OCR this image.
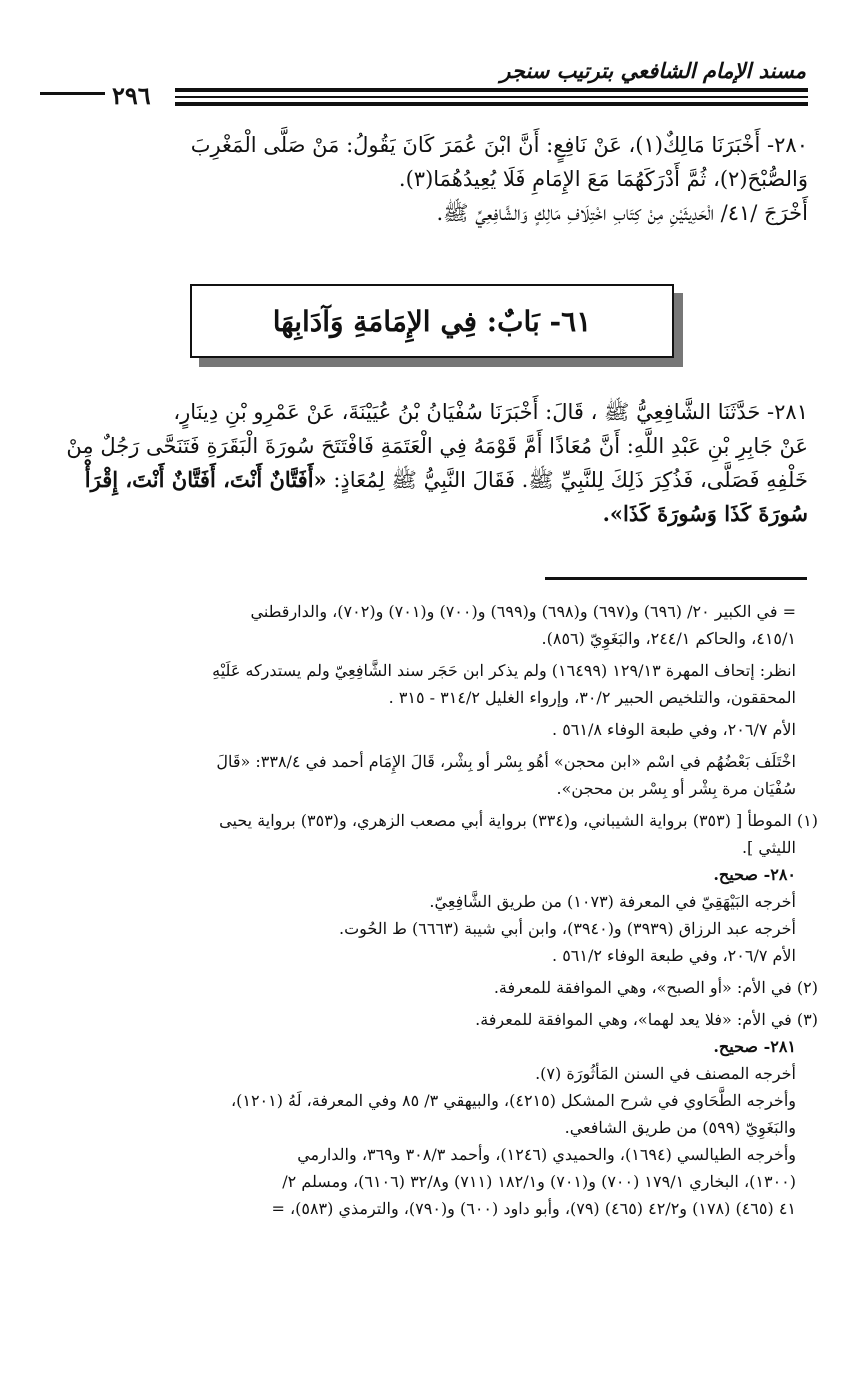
مسند الإمام الشافعي بترتيب سنجر
٢٩٦

٢٨٠- أَخْبَرَنَا مَالِكٌ(١)، عَنْ نَافِعٍ: أَنَّ ابْنَ عُمَرَ كَانَ يَقُولُ: مَنْ صَلَّى الْمَغْرِبَ

وَالصُّبْحَ(٢)، ثُمَّ أَدْرَكَهُمَا مَعَ الإِمَامِ فَلَا يُعِيدُهُمَا(٣).

أَخْرَجَ /٤١/ الْحَدِيثَيْنِ مِنْ كِتَابِ اخْتِلَافِ مَالِكٍ وَالشَّافِعِيِّ ﷺ.

٦١- بَابٌ: فِي الإِمَامَةِ وَآدَابِهَا

٢٨١- حَدَّثَنَا الشَّافِعِيُّ ﷺ ، قَالَ: أَخْبَرَنَا سُفْيَانُ بْنُ عُيَيْنَةَ، عَنْ عَمْرِو بْنِ دِينَارٍ،

عَنْ جَابِرِ بْنِ عَبْدِ اللَّهِ: أَنَّ مُعَاذًا أَمَّ قَوْمَهُ فِي الْعَتَمَةِ فَافْتَتَحَ سُورَةَ الْبَقَرَةِ فَتَنَحَّى رَجُلٌ مِنْ

خَلْفِهِ فَصَلَّى، فَذُكِرَ ذَلِكَ لِلنَّبِيِّ ﷺ. فَقَالَ النَّبِيُّ ﷺ لِمُعَاذٍ: «أَفَتَّانٌ أَنْتَ، أَفَتَّانٌ أَنْتَ، إِقْرَأْ

سُورَةَ كَذَا وَسُورَةَ كَذَا».

= في الكبير ٢٠/ (٦٩٦) و(٦٩٧) و(٦٩٨) و(٦٩٩) و(٧٠٠) و(٧٠١) و(٧٠٢)، والدارقطني

٤١٥/١، والحاكم ٢٤٤/١، والبَغَوِيّ (٨٥٦).

انظر: إتحاف المهرة ١٢٩/١٣ (١٦٤٩٩) ولم يذكر ابن حَجَر سند الشَّافِعِيّ ولم يستدركه عَلَيْهِ

المحققون، والتلخيص الحبير ٣٠/٢، وإرواء الغليل ٣١٤/٢ - ٣١٥ .

الأم ٢٠٦/٧، وفي طبعة الوفاء ٥٦١/٨ .

اخْتَلَف بَعْضُهُم في اسْم «ابن محجن» أهُو بِسْر أو بِشْر، قَالَ الإِمَام أحمد في ٣٣٨/٤: «قَالَ

سُفْيَان مرة بِشْر أو بِسْر بن محجن».

(١) الموطأ [ (٣٥٣) برواية الشيباني، و(٣٣٤) برواية أبي مصعب الزهري، و(٣٥٣) برواية يحيى

الليثي ].

٢٨٠- صحيح.

أخرجه البَيْهَقِيّ في المعرفة (١٠٧٣) من طريق الشَّافِعِيّ.

أخرجه عبد الرزاق (٣٩٣٩) و(٣٩٤٠)، وابن أبي شيبة (٦٦٦٣) ط الحُوت.

الأم ٢٠٦/٧، وفي طبعة الوفاء ٥٦١/٢ .

(٢) في الأم: «أو الصبح»، وهي الموافقة للمعرفة.

(٣) في الأم: «فلا يعد لهما»، وهي الموافقة للمعرفة.

٢٨١- صحيح.

أخرجه المصنف في السنن المَأثُورَة (٧).

وأخرجه الطَّحَاوي في شرح المشكل (٤٢١٥)، والبيهقي ٣/ ٨٥ وفي المعرفة، لَهُ (١٢٠١)،

والبَغَوِيّ (٥٩٩) من طريق الشافعي.

وأخرجه الطيالسي (١٦٩٤)، والحميدي (١٢٤٦)، وأحمد ٣٠٨/٣ و٣٦٩، والدارمي

(١٣٠٠)، البخاري ١٧٩/١ (٧٠٠) و(٧٠١) و١٨٢/١ (٧١١) و٣٢/٨ (٦١٠٦)، ومسلم ٢/

٤١ (٤٦٥) (١٧٨) و٤٢/٢ (٤٦٥) (٧٩)، وأبو داود (٦٠٠) و(٧٩٠)، والترمذي (٥٨٣)، =
